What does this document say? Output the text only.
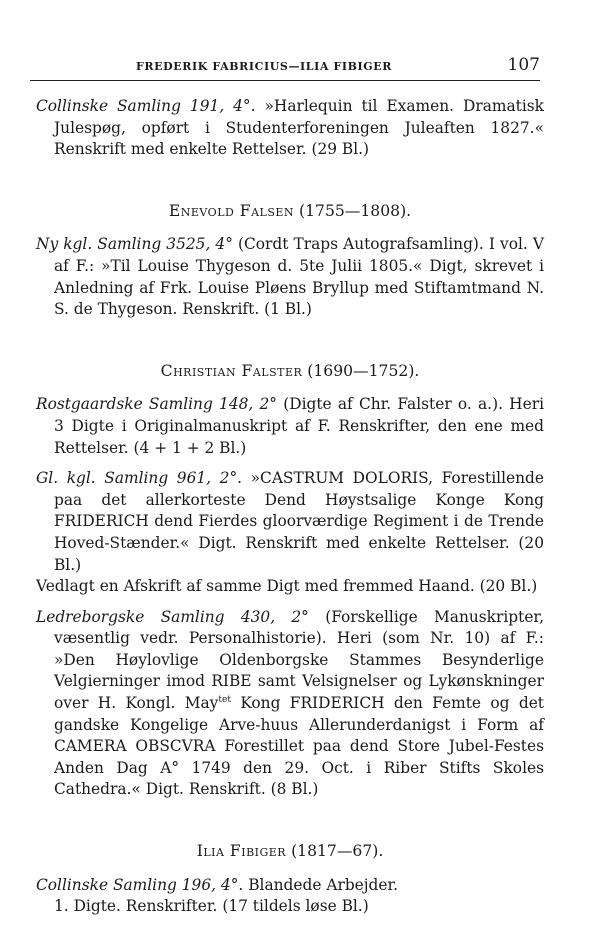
FREDERIK FABRICIUS—ILIA FIBIGER	107

Collinske Samling 191, 4°. »Harlequin til Examen. Dramatisk Julespøg, opført i Studenterforeningen Juleaften 1827.« Renskrift med enkelte Rettelser. (29 Bl.)

Enevold Falsen (1755—1808).

Ny kgl. Samling 3525, 4° (Cordt Traps Autografsamling). I vol. V af F.: »Til Louise Thygeson d. 5te Julii 1805.« Digt, skrevet i Anledning af Frk. Louise Pløens Bryllup med Stiftamtmand N. S. de Thygeson. Renskrift. (1 Bl.)

Christian Falster (1690—1752).

Rostgaardske Samling 148, 2° (Digte af Chr. Falster o. a.). Heri 3 Digte i Originalmanuskript af F. Renskrifter, den ene med Rettelser. (4 + 1 + 2 Bl.)

Gl. kgl. Samling 961, 2°. »CASTRUM DOLORIS, Forestillende paa det allerkorteste Dend Høystsalige Konge Kong FRIDERICH dend Fierdes gloorværdige Regiment i de Trende Hoved-Stænder.« Digt. Renskrift med enkelte Rettelser. (20 Bl.)
Vedlagt en Afskrift af samme Digt med fremmed Haand. (20 Bl.)

Ledreborgske Samling 430, 2° (Forskellige Manuskripter, væsentlig vedr. Personalhistorie). Heri (som Nr. 10) af F.: »Den Høylovlige Oldenborgske Stammes Besynderlige Velgierninger imod RIBE samt Velsignelser og Lykønskninger over H. Kongl. May$^{tet}$ Kong FRIDERICH den Femte og det gandske Kongelige Arve-huus Allerunderdanigst i Form af CAMERA OBSCVRA Forestillet paa dend Store Jubel-Festes Anden Dag A° 1749 den 29. Oct. i Riber Stifts Skoles Cathedra.« Digt. Renskrift. (8 Bl.)

Ilia Fibiger (1817—67).

Collinske Samling 196, 4°. Blandede Arbejder.

1. Digte. Renskrifter. (17 tildels løse Bl.)
